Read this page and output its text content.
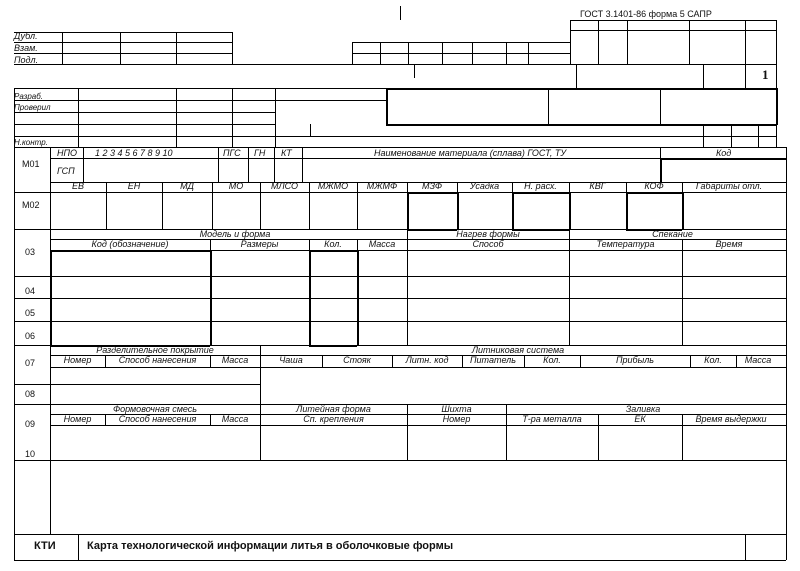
ГОСТ 3.1401-86 форма 5 САПР
1
Дубл.
Взам.
Подл.
Разраб.
Проверил
Н.контр.
М01
НПО 1 2 3 4 5 6 7 8 9 10	ПГС ГН КТ	Наименование материала (сплава) ГОСТ, ТУ	Код
ГСП
М02
ЕВ	ЕН	МД	МО	МЛСО	МЖМО	МЖМФ	МЗФ	Усадка	Н. расх.	КВГ	КОФ	Габариты отл.
Модель и форма
Код (обозначение)	Размеры	Кол.	Масса
Нагрев формы
Способ
Спекание
Температура	Время
03
04
05
06
Разделительное покрытие
Номер	Способ нанесения	Масса
Литниковая система
Чаша	Стояк	Литн. код	Питатель	Кол.	Прибыль	Кол.	Масса
07
08
Формовочная смесь
Номер	Способ нанесения	Масса
Литейная форма
Сп. крепления
Шихта
Номер
Заливка
Т-ра металла	ЕК	Время выдержки
09
10
КТИ	Карта технологической информации литья в оболочковые формы
